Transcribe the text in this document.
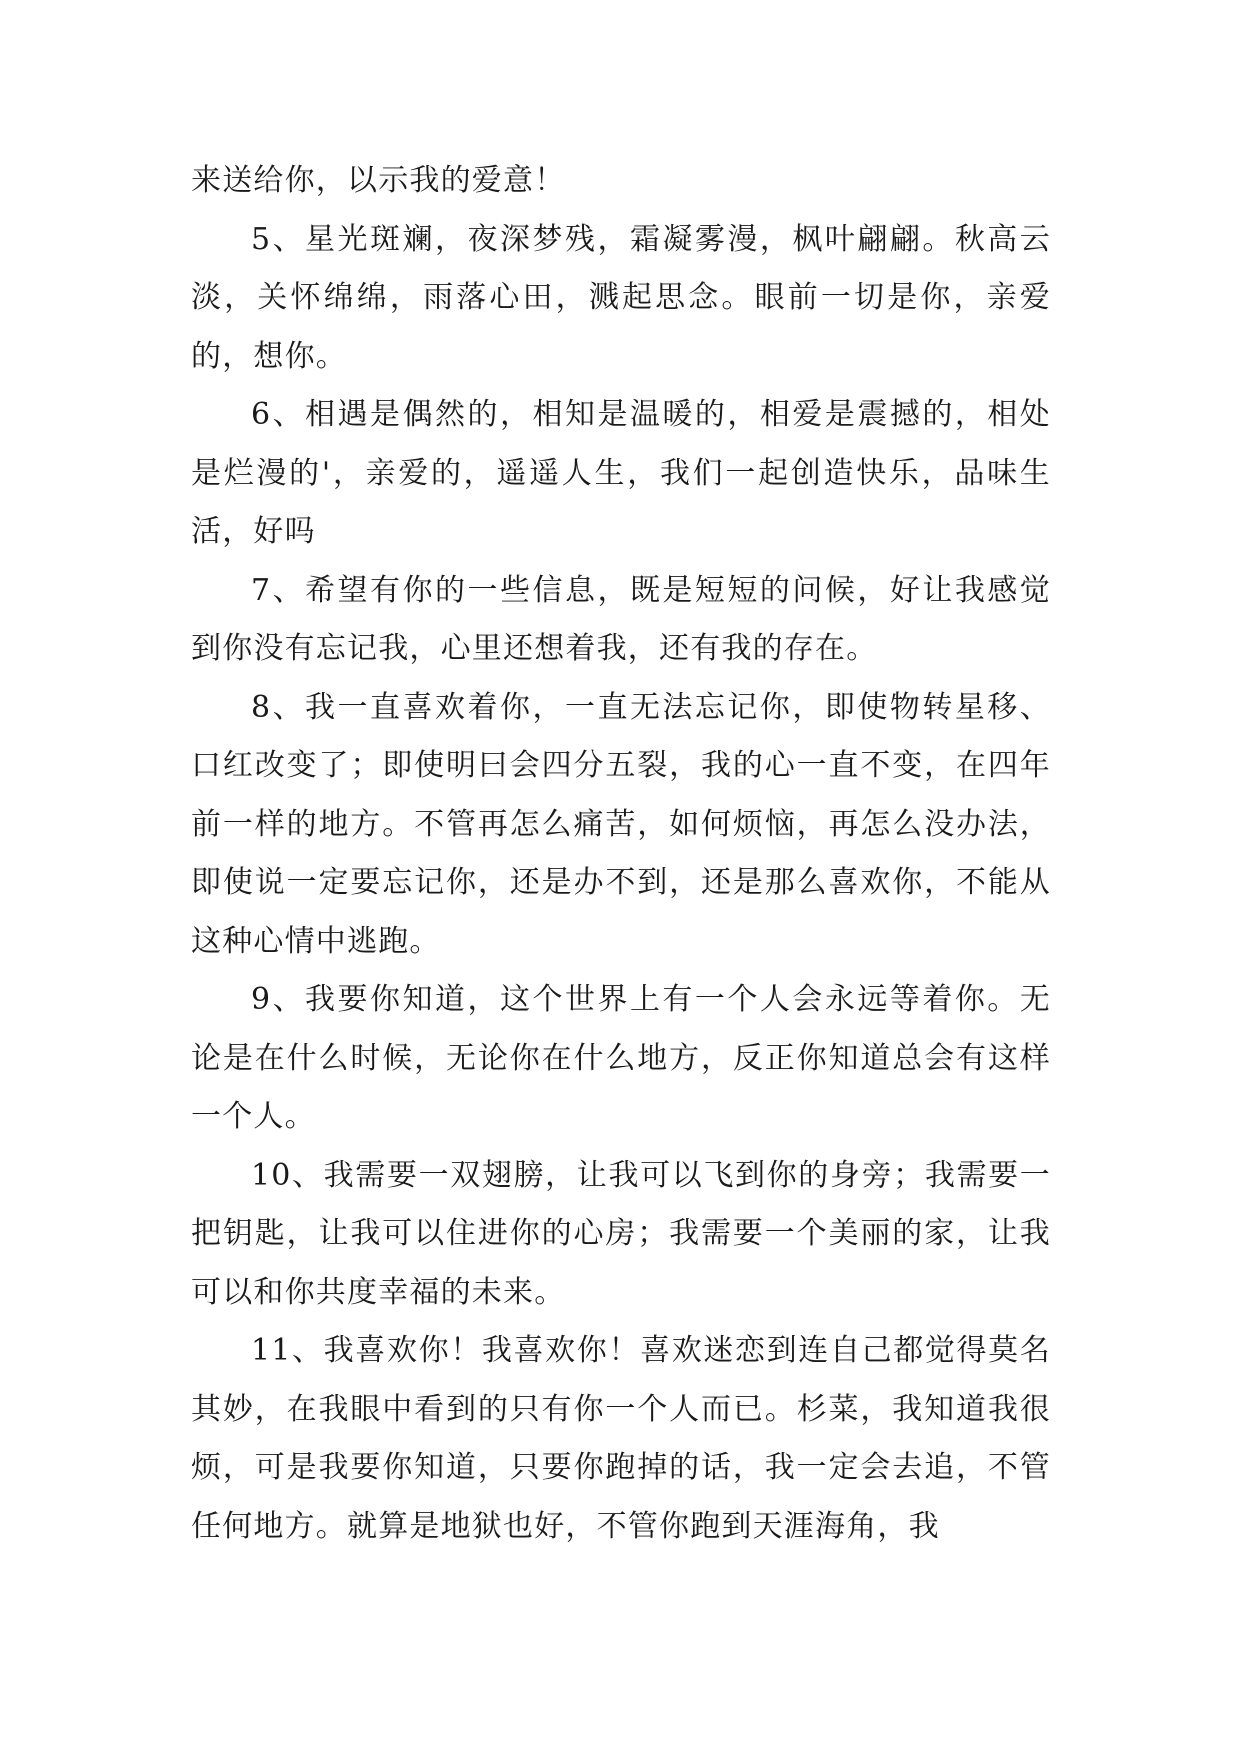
来送给你，以示我的爱意！

5、星光斑斓，夜深梦残，霜凝雾漫，枫叶翩翩。秋高云淡，关怀绵绵，雨落心田，溅起思念。眼前一切是你，亲爱的，想你。

6、相遇是偶然的，相知是温暖的，相爱是震撼的，相处是烂漫的'，亲爱的，遥遥人生，我们一起创造快乐，品味生活，好吗

7、希望有你的一些信息，既是短短的问候，好让我感觉到你没有忘记我，心里还想着我，还有我的存在。

8、我一直喜欢着你，一直无法忘记你，即使物转星移、口红改变了；即使明曰会四分五裂，我的心一直不变，在四年前一样的地方。不管再怎么痛苦，如何烦恼，再怎么没办法，即使说一定要忘记你，还是办不到，还是那么喜欢你，不能从这种心情中逃跑。

9、我要你知道，这个世界上有一个人会永远等着你。无论是在什么时候，无论你在什么地方，反正你知道总会有这样一个人。

10、我需要一双翅膀，让我可以飞到你的身旁；我需要一把钥匙，让我可以住进你的心房；我需要一个美丽的家，让我可以和你共度幸福的未来。

11、我喜欢你！我喜欢你！喜欢迷恋到连自己都觉得莫名其妙，在我眼中看到的只有你一个人而已。杉菜，我知道我很烦，可是我要你知道，只要你跑掉的话，我一定会去追，不管任何地方。就算是地狱也好，不管你跑到天涯海角，我
